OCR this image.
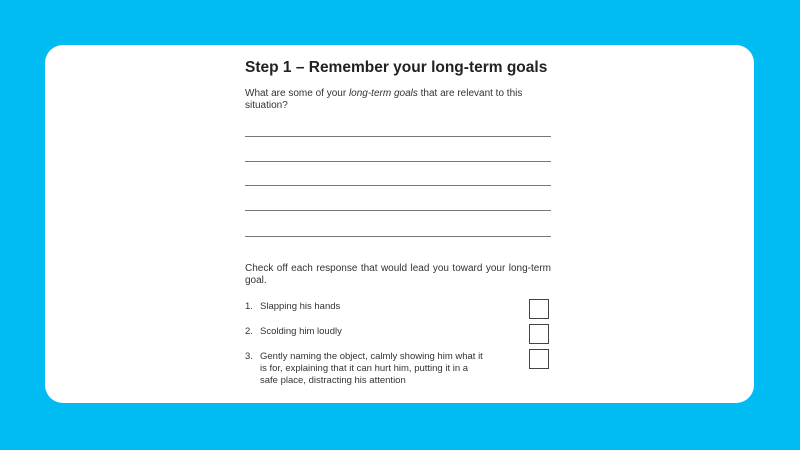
Step 1 – Remember your long-term goals
What are some of your long-term goals that are relevant to this situation?
Check off each response that would lead you toward your long-term goal.
1. Slapping his hands
2. Scolding him loudly
3. Gently naming the object, calmly showing him what it is for, explaining that it can hurt him, putting it in a safe place, distracting his attention
